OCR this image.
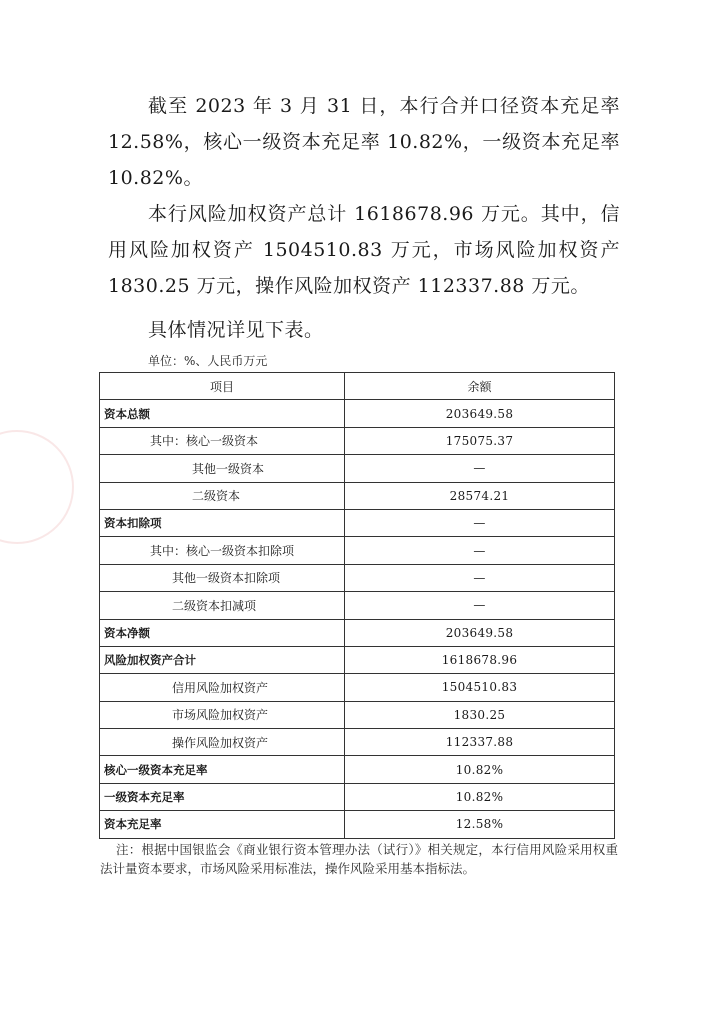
截至 2023 年 3 月 31 日，本行合并口径资本充足率 12.58%，核心一级资本充足率 10.82%，一级资本充足率 10.82%。

本行风险加权资产总计 1618678.96 万元。其中，信用风险加权资产 1504510.83 万元，市场风险加权资产 1830.25 万元，操作风险加权资产 112337.88 万元。

具体情况详见下表。

单位：%、人民币万元

项目	余额
资本总额	203649.58
其中：核心一级资本	175075.37
其他一级资本	—
二级资本	28574.21
资本扣除项	—
其中：核心一级资本扣除项	—
其他一级资本扣除项	—
二级资本扣减项	—
资本净额	203649.58
风险加权资产合计	1618678.96
信用风险加权资产	1504510.83
市场风险加权资产	1830.25
操作风险加权资产	112337.88
核心一级资本充足率	10.82%
一级资本充足率	10.82%
资本充足率	12.58%

注：根据中国银监会《商业银行资本管理办法（试行）》相关规定，本行信用风险采用权重法计量资本要求，市场风险采用标准法，操作风险采用基本指标法。
